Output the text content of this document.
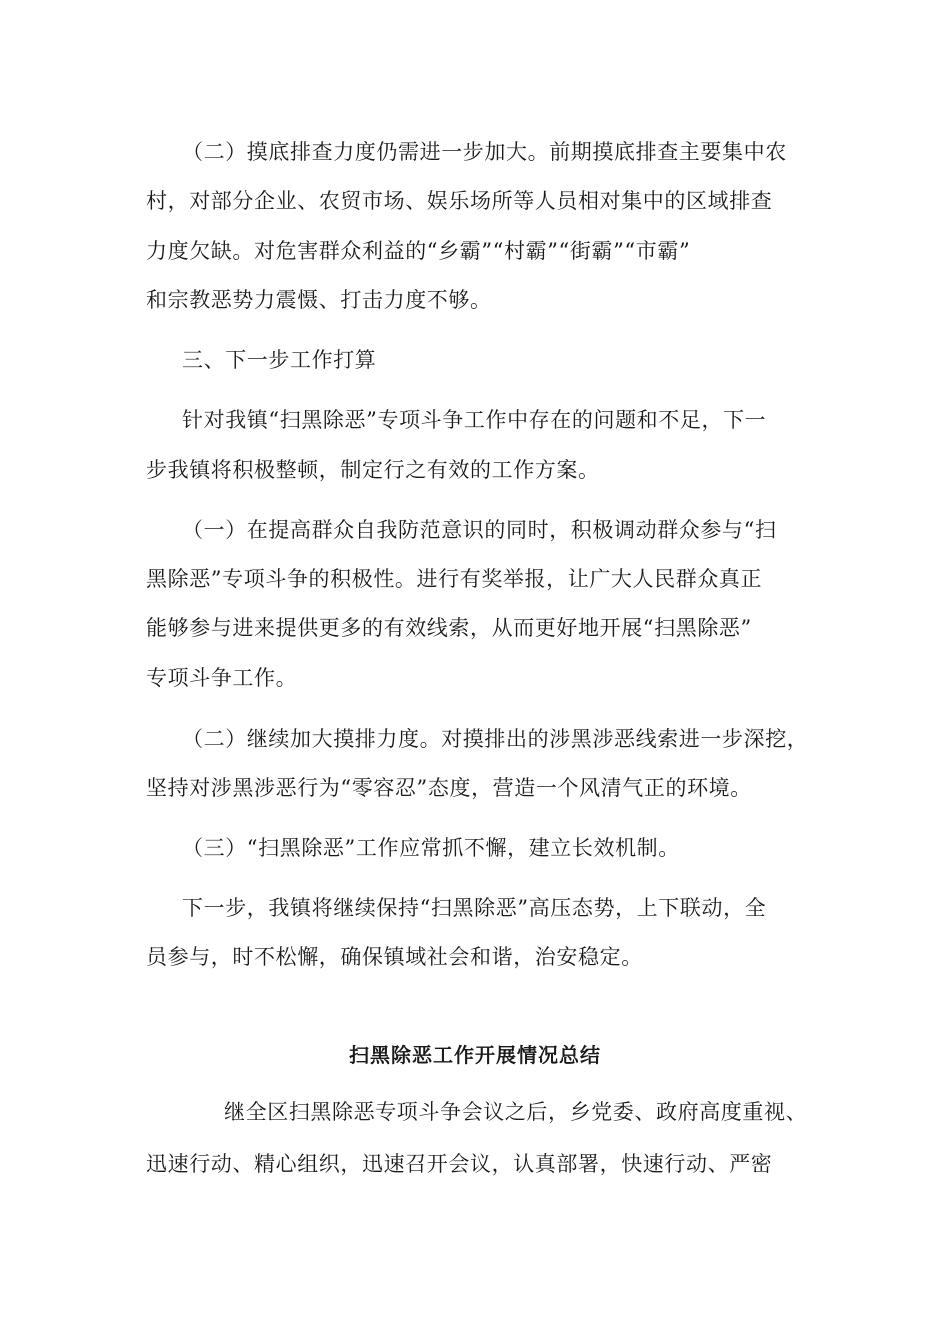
（二）摸底排查力度仍需进一步加大。前期摸底排查主要集中农
村，对部分企业、农贸市场、娱乐场所等人员相对集中的区域排查
力度欠缺。对危害群众利益的“乡霸”“村霸”“街霸”“市霸”
和宗教恶势力震慑、打击力度不够。
三、下一步工作打算
针对我镇“扫黑除恶”专项斗争工作中存在的问题和不足，下一
步我镇将积极整顿，制定行之有效的工作方案。
（一）在提高群众自我防范意识的同时，积极调动群众参与“扫
黑除恶”专项斗争的积极性。进行有奖举报，让广大人民群众真正
能够参与进来提供更多的有效线索，从而更好地开展“扫黑除恶”
专项斗争工作。
（二）继续加大摸排力度。对摸排出的涉黑涉恶线索进一步深挖，
坚持对涉黑涉恶行为“零容忍”态度，营造一个风清气正的环境。
（三）“扫黑除恶”工作应常抓不懈，建立长效机制。
下一步，我镇将继续保持“扫黑除恶”高压态势，上下联动，全
员参与，时不松懈，确保镇域社会和谐，治安稳定。
扫黑除恶工作开展情况总结
继全区扫黑除恶专项斗争会议之后，乡党委、政府高度重视、
迅速行动、精心组织，迅速召开会议，认真部署，快速行动、严密
